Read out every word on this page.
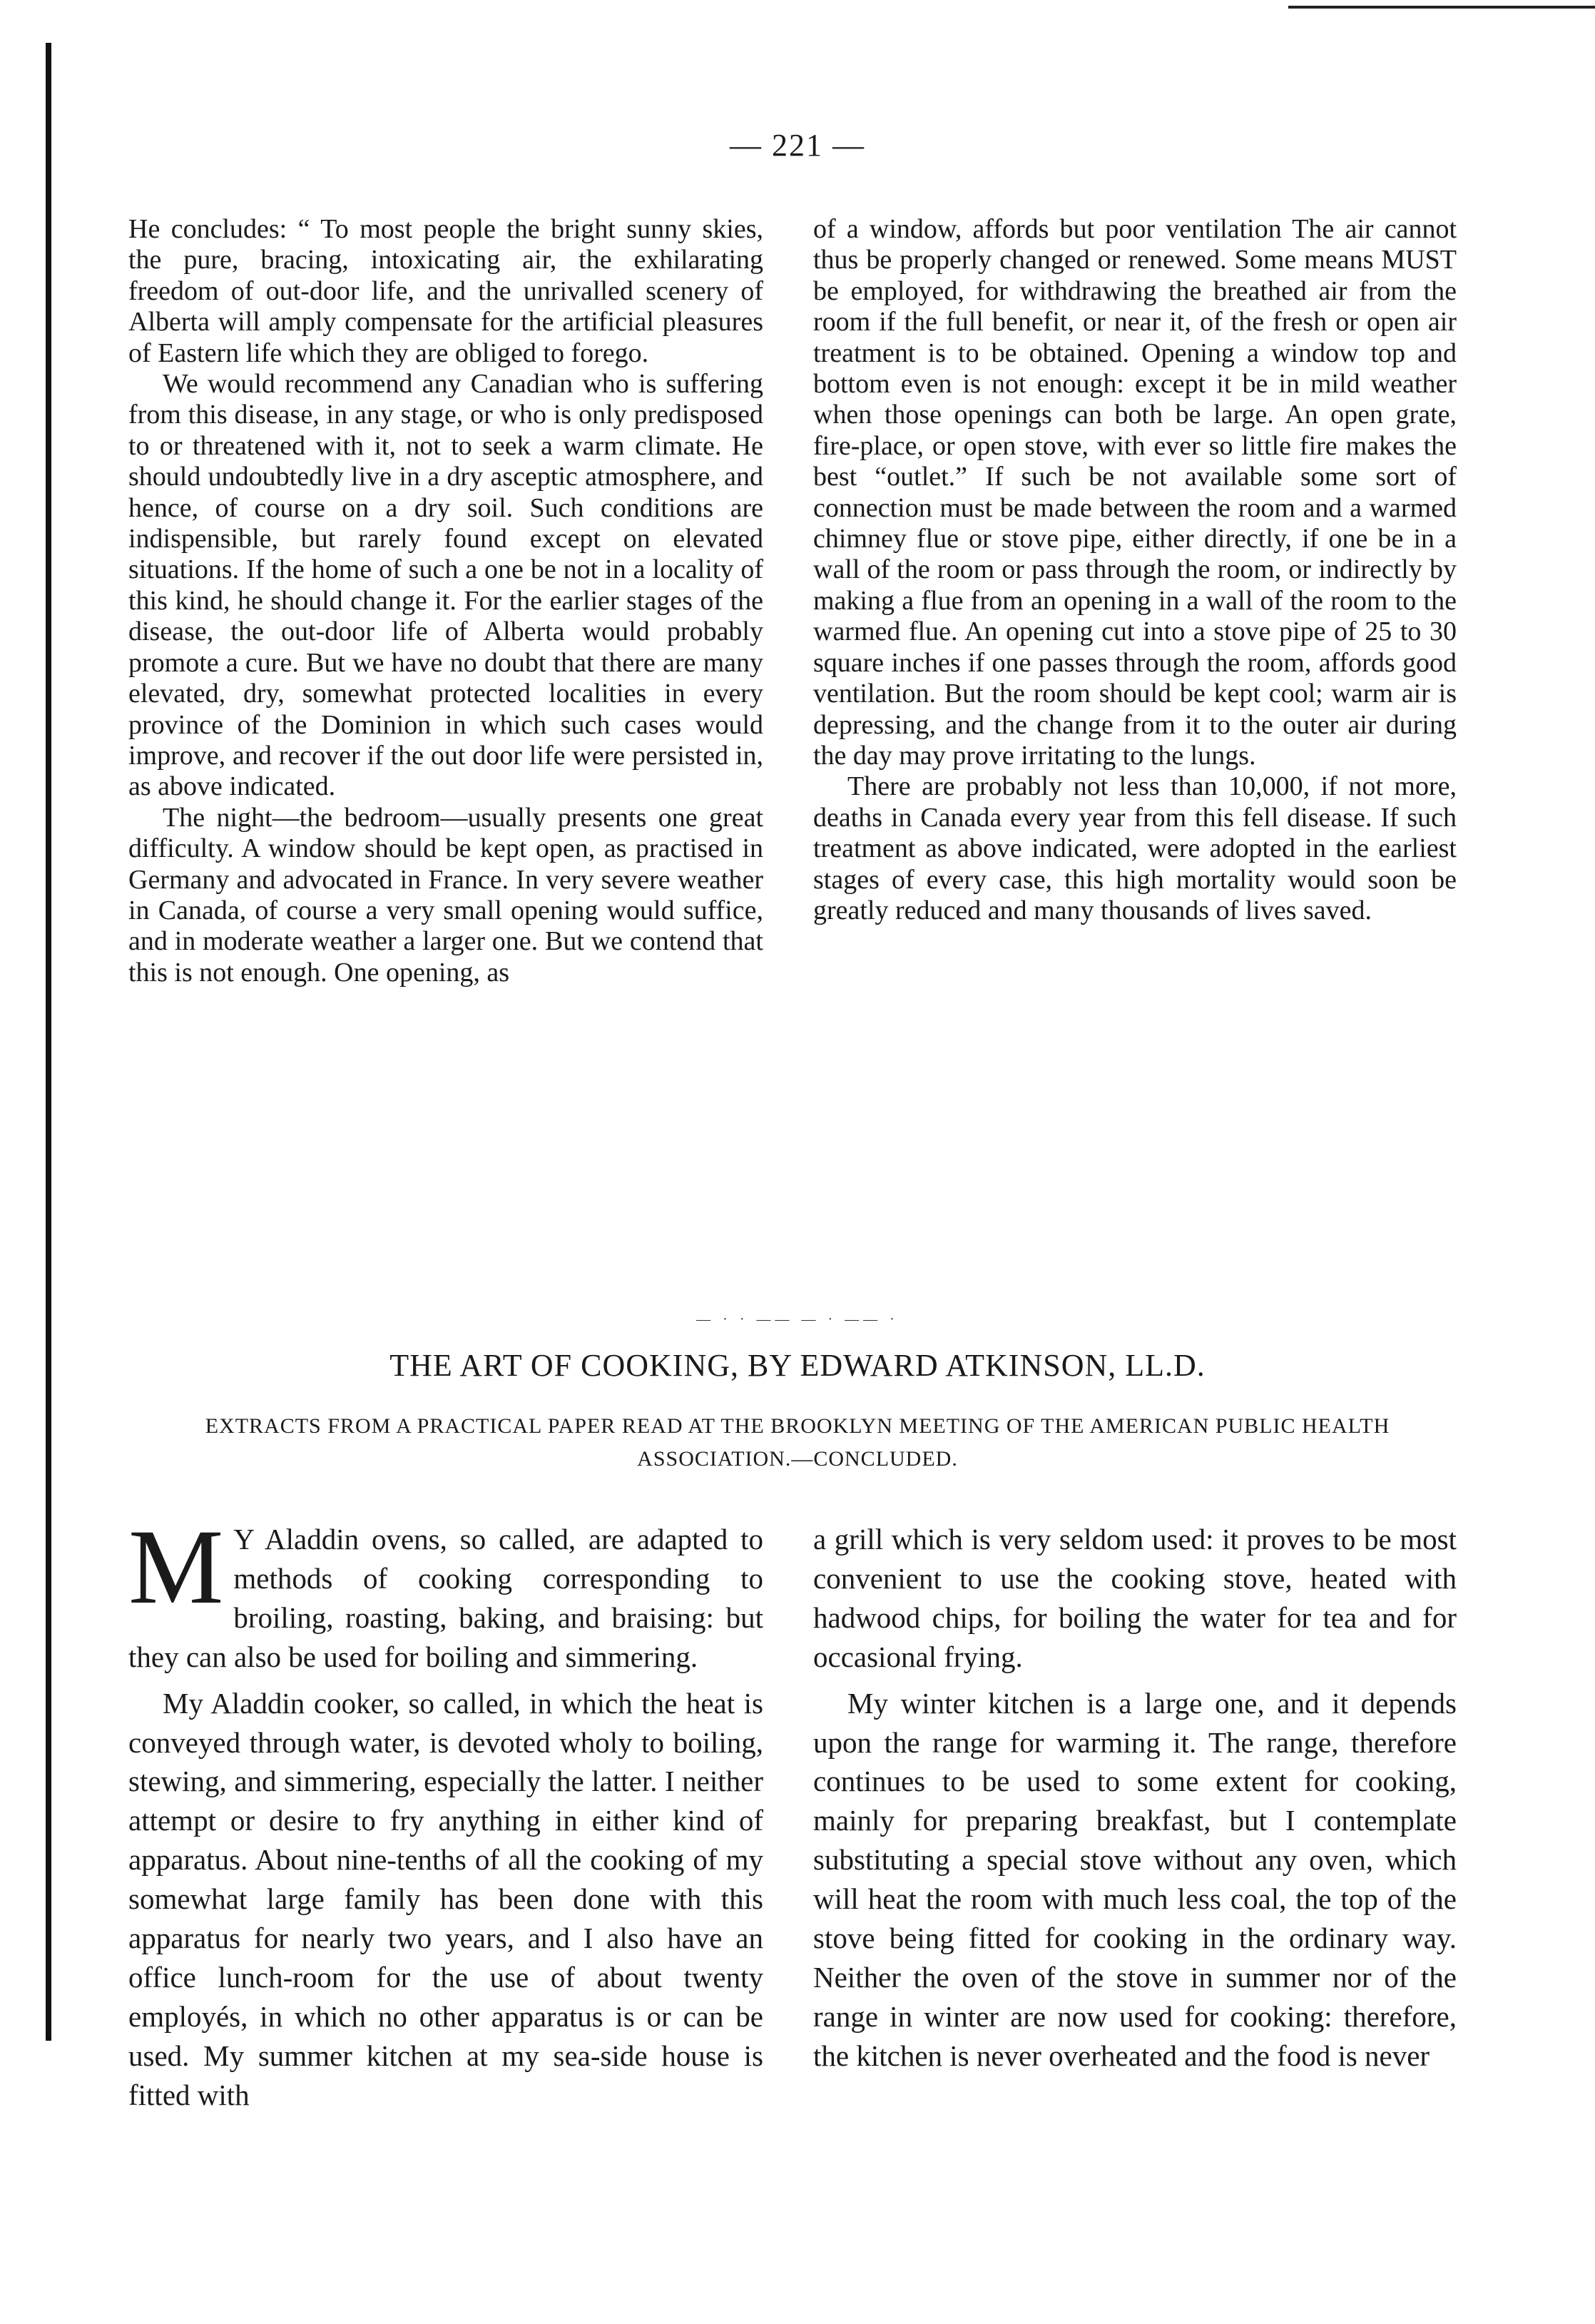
— 221 —

He concludes: “ To most people the bright sunny skies, the pure, bracing, intoxicating air, the exhilarating freedom of out-door life, and the unrivalled scenery of Alberta will amply compensate for the artificial pleasures of Eastern life which they are obliged to forego.

We would recommend any Canadian who is suffering from this disease, in any stage, or who is only predisposed to or threatened with it, not to seek a warm climate. He should undoubtedly live in a dry asceptic atmosphere, and hence, of course on a dry soil. Such conditions are indispensible, but rarely found except on elevated situations. If the home of such a one be not in a locality of this kind, he should change it. For the earlier stages of the disease, the out-door life of Alberta would probably promote a cure. But we have no doubt that there are many elevated, dry, somewhat protected localities in every province of the Dominion in which such cases would improve, and recover if the out door life were persisted in, as above indicated.

The night—the bedroom—usually presents one great difficulty. A window should be kept open, as practised in Germany and advocated in France. In very severe weather in Canada, of course a very small opening would suffice, and in moderate weather a larger one. But we contend that this is not enough. One opening, as

of a window, affords but poor ventilation The air cannot thus be properly changed or renewed. Some means MUST be employed, for withdrawing the breathed air from the room if the full benefit, or near it, of the fresh or open air treatment is to be obtained. Opening a window top and bottom even is not enough: except it be in mild weather when those openings can both be large. An open grate, fire-place, or open stove, with ever so little fire makes the best “outlet.” If such be not available some sort of connection must be made between the room and a warmed chimney flue or stove pipe, either directly, if one be in a wall of the room or pass through the room, or indirectly by making a flue from an opening in a wall of the room to the warmed flue. An opening cut into a stove pipe of 25 to 30 square inches if one passes through the room, affords good ventilation. But the room should be kept cool; warm air is depressing, and the change from it to the outer air during the day may prove irritating to the lungs.

There are probably not less than 10,000, if not more, deaths in Canada every year from this fell disease. If such treatment as above indicated, were adopted in the earliest stages of every case, this high mortality would soon be greatly reduced and many thousands of lives saved.

— · · —— — · —— ·
THE ART OF COOKING, BY EDWARD ATKINSON, LL.D.
EXTRACTS FROM A PRACTICAL PAPER READ AT THE BROOKLYN MEETING OF THE AMERICAN PUBLIC HEALTH ASSOCIATION.—CONCLUDED.

M Y Aladdin ovens, so called, are adapted to methods of cooking corresponding to broiling, roasting, baking, and braising: but they can also be used for boiling and simmering.

My Aladdin cooker, so called, in which the heat is conveyed through water, is devoted wholy to boiling, stewing, and simmering, especially the latter. I neither attempt or desire to fry anything in either kind of apparatus. About nine-tenths of all the cooking of my somewhat large family has been done with this apparatus for nearly two years, and I also have an office lunch-room for the use of about twenty employés, in which no other apparatus is or can be used. My summer kitchen at my sea-side house is fitted with

a grill which is very seldom used: it proves to be most convenient to use the cooking stove, heated with hadwood chips, for boiling the water for tea and for occasional frying.

My winter kitchen is a large one, and it depends upon the range for warming it. The range, therefore continues to be used to some extent for cooking, mainly for preparing breakfast, but I contemplate substituting a special stove without any oven, which will heat the room with much less coal, the top of the stove being fitted for cooking in the ordinary way. Neither the oven of the stove in summer nor of the range in winter are now used for cooking: therefore, the kitchen is never overheated and the food is never
